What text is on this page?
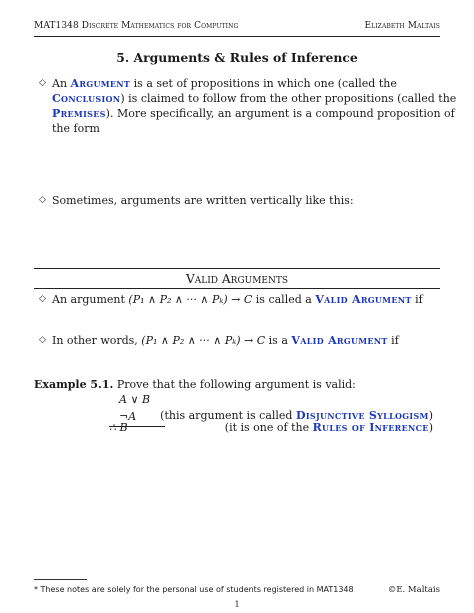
MAT1348 Discrete Mathematics for Computing	Elizabeth Maltais
5. Arguments & Rules of Inference
◇ An Argument is a set of propositions in which one (called the Conclusion) is claimed to follow from the other propositions (called the Premises). More specifically, an argument is a compound proposition of the form
◇ Sometimes, arguments are written vertically like this:
Valid Arguments
◇ An argument (P₁ ∧ P₂ ∧ ··· ∧ Pₖ) → C is called a Valid Argument if
◇ In other words, (P₁ ∧ P₂ ∧ ··· ∧ Pₖ) → C is a Valid Argument if
Example 5.1. Prove that the following argument is valid:
A ∨ B
¬A
∴ B
(this argument is called Disjunctive Syllogism)
(it is one of the Rules of Inference)
* These notes are solely for the personal use of students registered in MAT1348	©E. Maltais
1
